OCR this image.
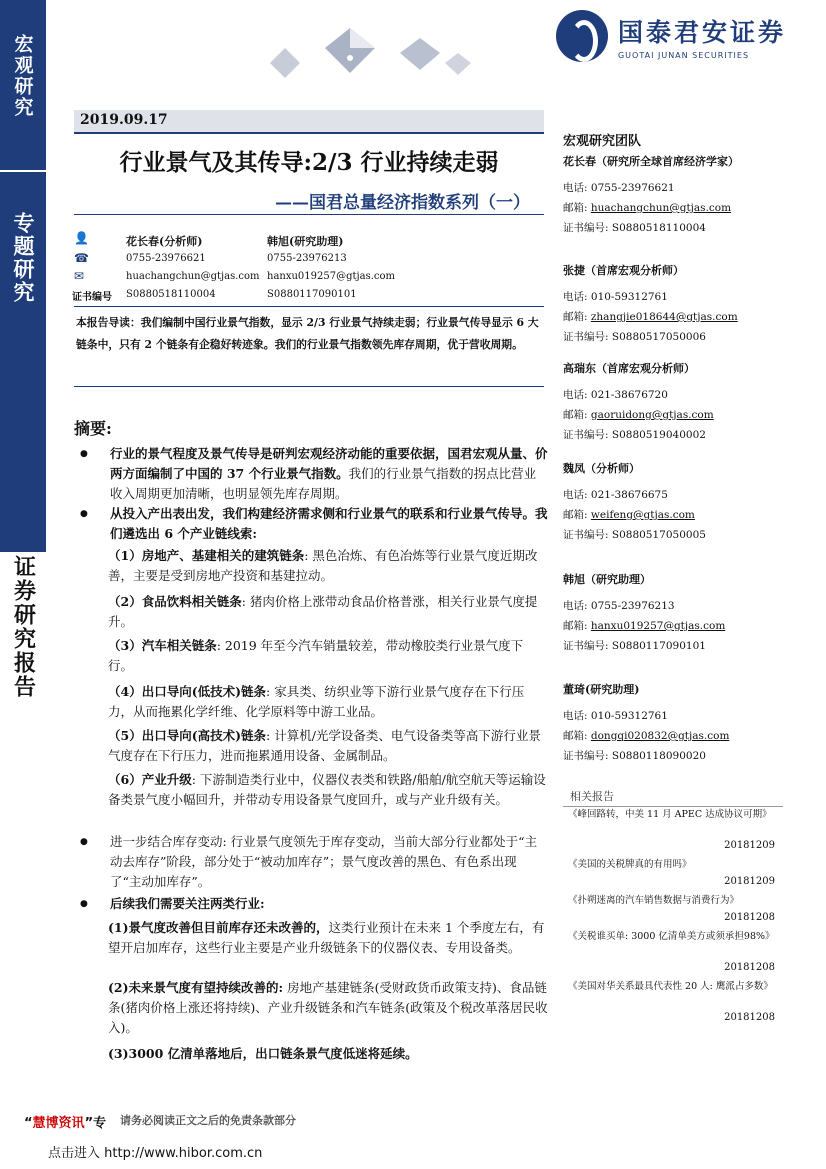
宏观研究
专题研究
证券研究报告
国泰君安证券
GUOTAI JUNAN SECURITIES
2019.09.17
行业景气及其传导:2/3 行业持续走弱
——国君总量经济指数系列（一）
👤
☎
✉
证书编号
花长春(分析师)
0755-23976621
huachangchun@gtjas.com
S0880518110004
韩旭(研究助理)
0755-23976213
hanxu019257@gtjas.com
S0880117090101
本报告导读：我们编制中国行业景气指数，显示 2/3 行业景气持续走弱；行业景气传导显示 6 大链条中，只有 2 个链条有企稳好转迹象。我们的行业景气指数领先库存周期，优于营收周期。
摘要:
● 行业的景气程度及景气传导是研判宏观经济动能的重要依据，国君宏观从量、价两方面编制了中国的 37 个行业景气指数。我们的行业景气指数的拐点比营业收入周期更加清晰，也明显领先库存周期。
● 从投入产出表出发，我们构建经济需求侧和行业景气的联系和行业景气传导。我们遴选出 6 个产业链线索:
（1）房地产、基建相关的建筑链条: 黑色冶炼、有色冶炼等行业景气度近期改善，主要是受到房地产投资和基建拉动。
（2）食品饮料相关链条: 猪肉价格上涨带动食品价格普涨，相关行业景气度提升。
（3）汽车相关链条: 2019 年至今汽车销量较差，带动橡胶类行业景气度下行。
（4）出口导向(低技术)链条: 家具类、纺织业等下游行业景气度存在下行压力，从而拖累化学纤维、化学原料等中游工业品。
（5）出口导向(高技术)链条: 计算机/光学设备类、电气设备类等高下游行业景气度存在下行压力，进而拖累通用设备、金属制品。
（6）产业升级: 下游制造类行业中，仪器仪表类和铁路/船舶/航空航天等运输设备类景气度小幅回升，并带动专用设备景气度回升，或与产业升级有关。
● 进一步结合库存变动: 行业景气度领先于库存变动，当前大部分行业都处于“主动去库存”阶段，部分处于“被动加库存”；景气度改善的黑色、有色系出现了“主动加库存”。
● 后续我们需要关注两类行业:
(1)景气度改善但目前库存还未改善的，这类行业预计在未来 1 个季度左右，有望开启加库存，这些行业主要是产业升级链条下的仪器仪表、专用设备类。
(2)未来景气度有望持续改善的: 房地产基建链条(受财政货币政策支持)、食品链条(猪肉价格上涨还将持续)、产业升级链条和汽车链条(政策及个税改革落居民收入)。
(3)3000 亿清单落地后，出口链条景气度低迷将延续。
宏观研究团队
花长春（研究所全球首席经济学家）
电话: 0755-23976621
邮箱: huachangchun@gtjas.com
证书编号: S0880518110004
张捷（首席宏观分析师）
电话: 010-59312761
邮箱: zhangjie018644@gtjas.com
证书编号: S0880517050006
高瑞东（首席宏观分析师）
电话: 021-38676720
邮箱: gaoruidong@gtjas.com
证书编号: S0880519040002
魏凤（分析师）
电话: 021-38676675
邮箱: weifeng@gtjas.com
证书编号: S0880517050005
韩旭（研究助理）
电话: 0755-23976213
邮箱: hanxu019257@gtjas.com
证书编号: S0880117090101
董琦(研究助理)
电话: 010-59312761
邮箱: dongqi020832@gtjas.com
证书编号: S0880118090020
相关报告
《峰回路转，中美 11 月 APEC 达成协议可期》
20181209
《美国的关税牌真的有用吗》
20181209
《扑朔迷离的汽车销售数据与消费行为》
20181208
《关税谁买单: 3000 亿清单美方或须承担98%》
20181208
《美国对华关系最具代表性 20 人: 鹰派占多数》
20181208
“慧博资讯”专 请务必阅读正文之后的免责条款部分
点击进入 http://www.hibor.com.cn
